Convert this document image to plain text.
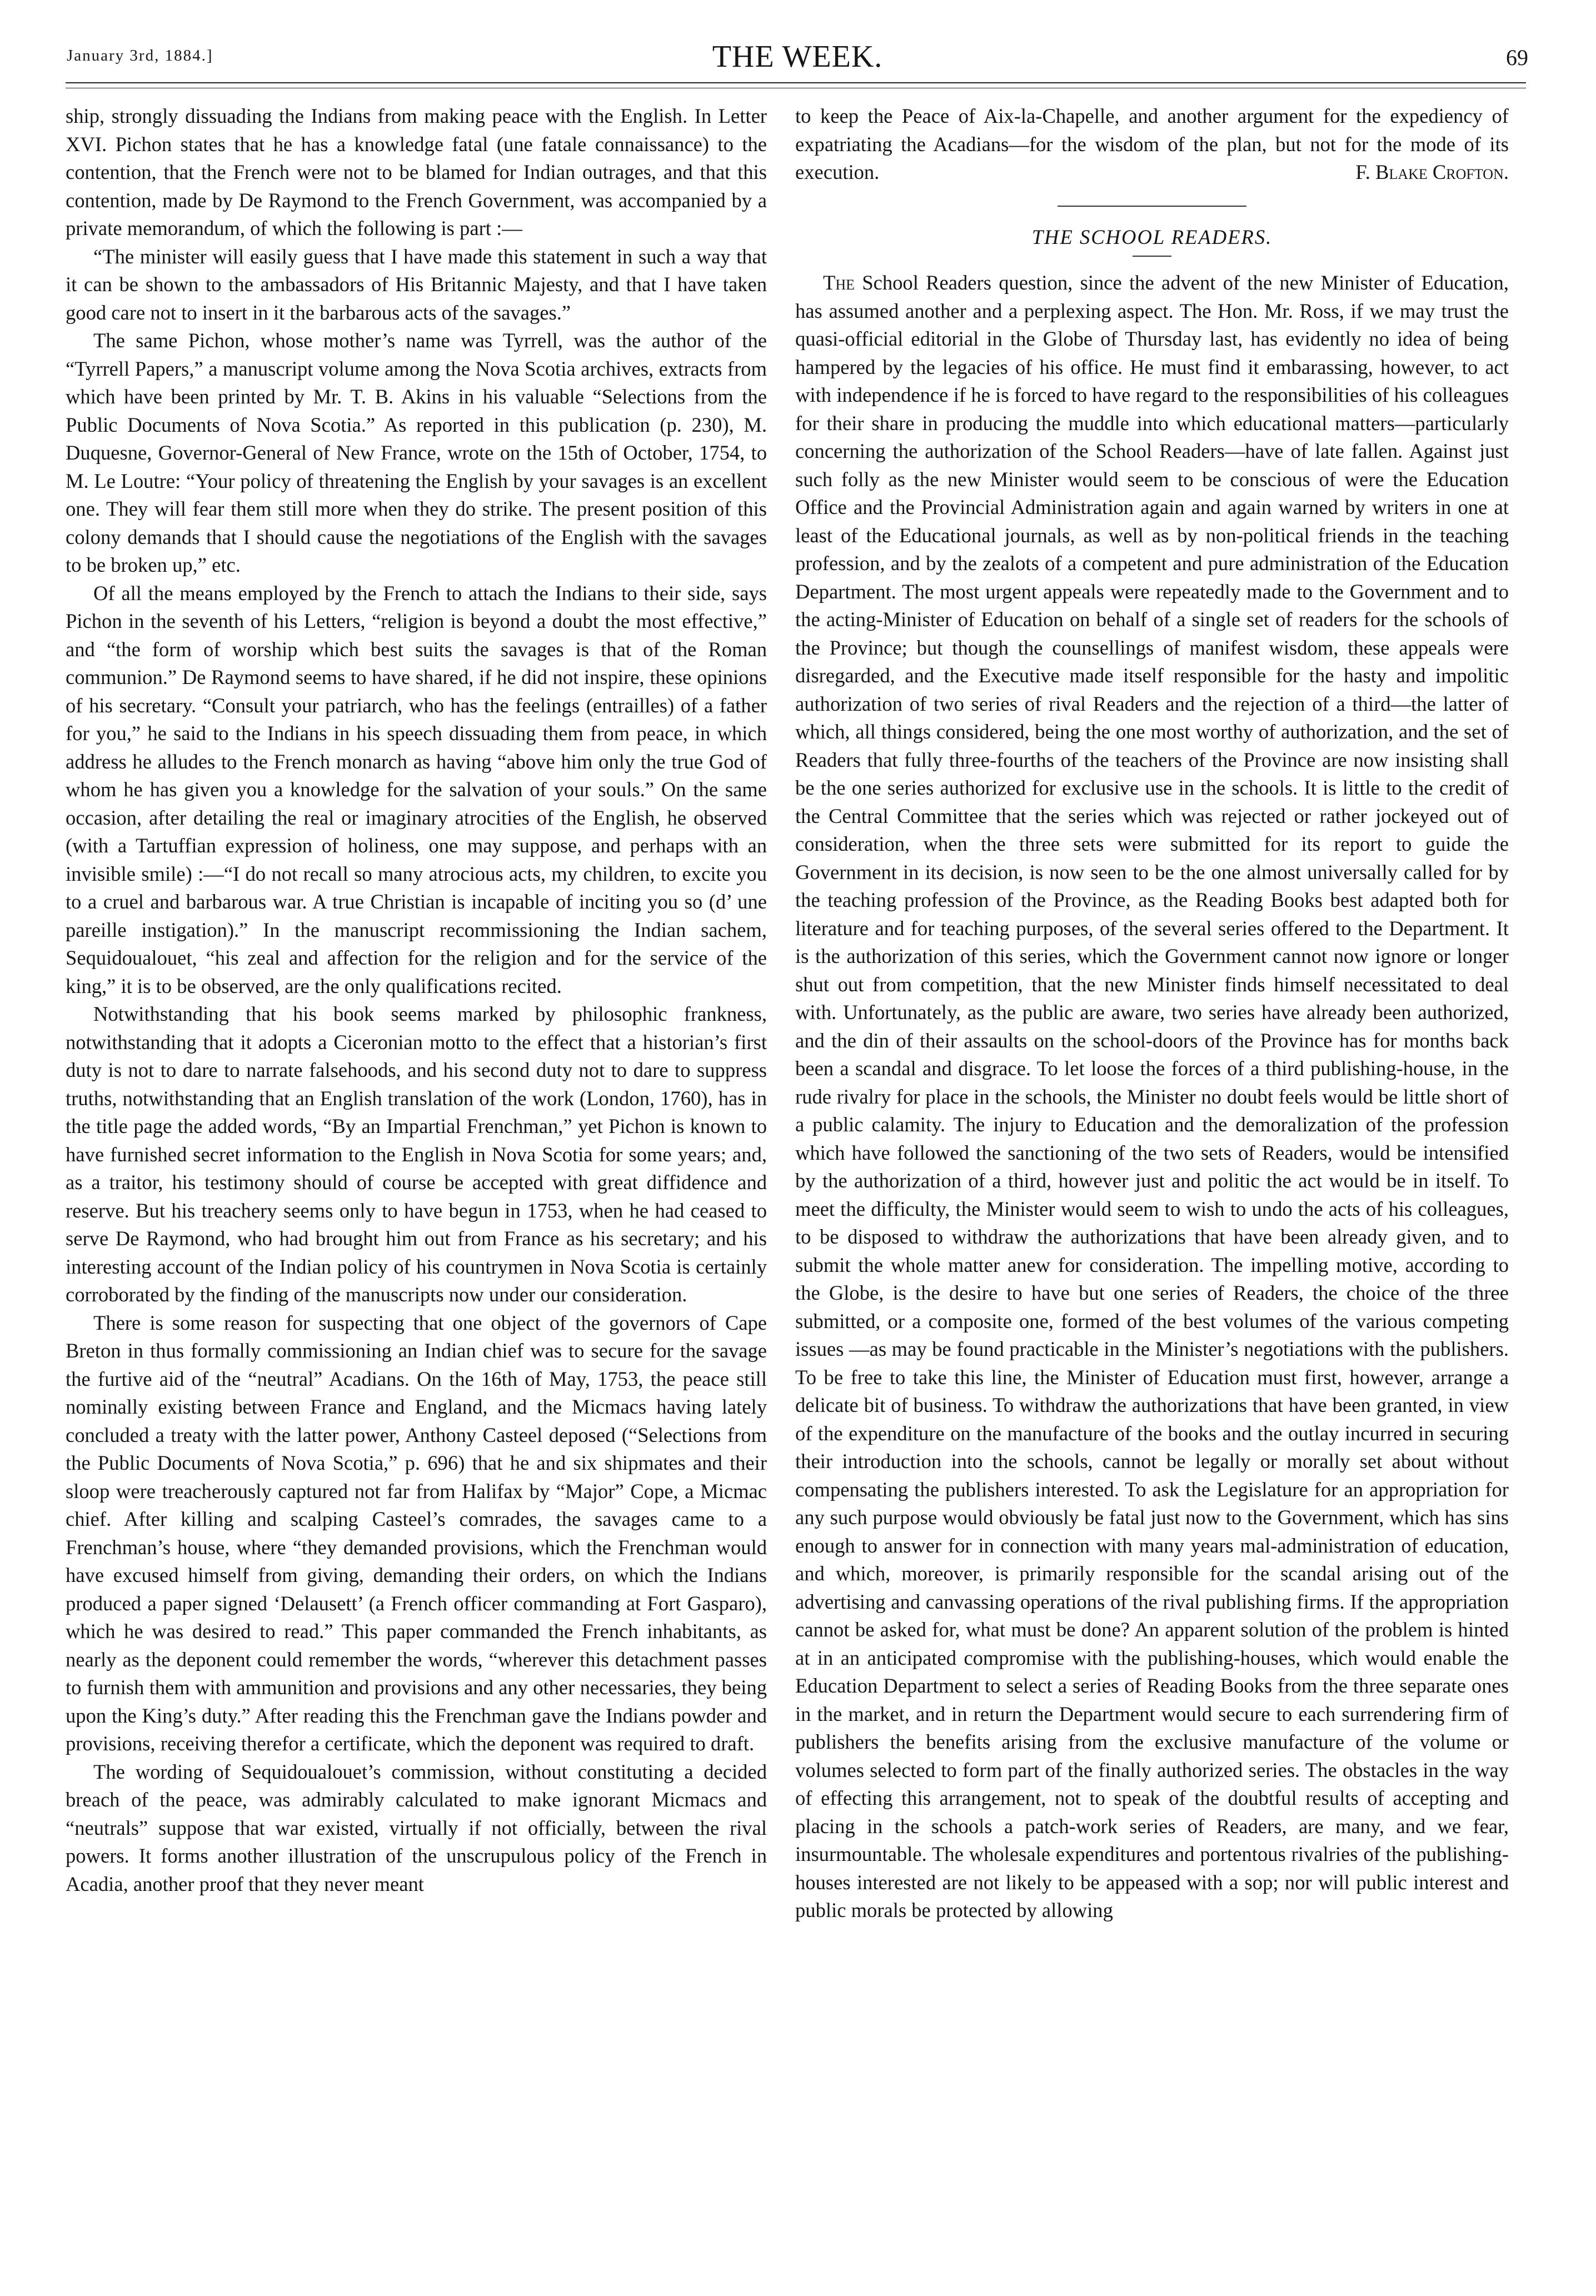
January 3rd, 1884.]	THE WEEK.	69

ship, strongly dissuading the Indians from making peace with the English. In Letter XVI. Pichon states that he has a knowledge fatal (une fatale connaissance) to the contention, that the French were not to be blamed for Indian outrages, and that this contention, made by De Raymond to the French Government, was accompanied by a private memorandum, of which the following is part :—

“The minister will easily guess that I have made this statement in such a way that it can be shown to the ambassadors of His Britannic Majesty, and that I have taken good care not to insert in it the barbarous acts of the savages.”

The same Pichon, whose mother’s name was Tyrrell, was the author of the “Tyrrell Papers,” a manuscript volume among the Nova Scotia archives, extracts from which have been printed by Mr. T. B. Akins in his valuable “Selections from the Public Documents of Nova Scotia.” As reported in this publication (p. 230), M. Duquesne, Governor-General of New France, wrote on the 15th of October, 1754, to M. Le Loutre: “Your policy of threatening the English by your savages is an excellent one. They will fear them still more when they do strike. The present position of this colony demands that I should cause the negotiations of the English with the savages to be broken up,” etc.

Of all the means employed by the French to attach the Indians to their side, says Pichon in the seventh of his Letters, “religion is beyond a doubt the most effective,” and “the form of worship which best suits the savages is that of the Roman communion.” De Raymond seems to have shared, if he did not inspire, these opinions of his secretary. “Consult your patriarch, who has the feelings (entrailles) of a father for you,” he said to the Indians in his speech dissuading them from peace, in which address he alludes to the French monarch as having “above him only the true God of whom he has given you a knowledge for the salvation of your souls.” On the same occasion, after detailing the real or imaginary atrocities of the English, he observed (with a Tartuffian expression of holiness, one may suppose, and perhaps with an invisible smile) :—“I do not recall so many atrocious acts, my children, to excite you to a cruel and barbarous war. A true Christian is incapable of inciting you so (d’ une pareille instigation).” In the manuscript recommissioning the Indian sachem, Sequidoualouet, “his zeal and affection for the religion and for the service of the king,” it is to be observed, are the only qualifications recited.

Notwithstanding that his book seems marked by philosophic frankness, notwithstanding that it adopts a Ciceronian motto to the effect that a historian’s first duty is not to dare to narrate falsehoods, and his second duty not to dare to suppress truths, notwithstanding that an English translation of the work (London, 1760), has in the title page the added words, “By an Impartial Frenchman,” yet Pichon is known to have furnished secret information to the English in Nova Scotia for some years; and, as a traitor, his testimony should of course be accepted with great diffidence and reserve. But his treachery seems only to have begun in 1753, when he had ceased to serve De Raymond, who had brought him out from France as his secretary; and his interesting account of the Indian policy of his countrymen in Nova Scotia is certainly corroborated by the finding of the manuscripts now under our consideration.

There is some reason for suspecting that one object of the governors of Cape Breton in thus formally commissioning an Indian chief was to secure for the savage the furtive aid of the “neutral” Acadians. On the 16th of May, 1753, the peace still nominally existing between France and England, and the Micmacs having lately concluded a treaty with the latter power, Anthony Casteel deposed (“Selections from the Public Documents of Nova Scotia,” p. 696) that he and six shipmates and their sloop were treacherously captured not far from Halifax by “Major” Cope, a Micmac chief. After killing and scalping Casteel’s comrades, the savages came to a Frenchman’s house, where “they demanded provisions, which the Frenchman would have excused himself from giving, demanding their orders, on which the Indians produced a paper signed ‘Delausett’ (a French officer commanding at Fort Gasparo), which he was desired to read.” This paper commanded the French inhabitants, as nearly as the deponent could remember the words, “wherever this detachment passes to furnish them with ammunition and provisions and any other necessaries, they being upon the King’s duty.” After reading this the Frenchman gave the Indians powder and provisions, receiving therefor a certificate, which the deponent was required to draft.

The wording of Sequidoualouet’s commission, without constituting a decided breach of the peace, was admirably calculated to make ignorant Micmacs and “neutrals” suppose that war existed, virtually if not officially, between the rival powers. It forms another illustration of the unscrupulous policy of the French in Acadia, another proof that they never meant

to keep the Peace of Aix-la-Chapelle, and another argument for the expediency of expatriating the Acadians—for the wisdom of the plan, but not for the mode of its execution.	F. Blake Crofton.

THE SCHOOL READERS.

The School Readers question, since the advent of the new Minister of Education, has assumed another and a perplexing aspect. The Hon. Mr. Ross, if we may trust the quasi-official editorial in the Globe of Thursday last, has evidently no idea of being hampered by the legacies of his office. He must find it embarassing, however, to act with independence if he is forced to have regard to the responsibilities of his colleagues for their share in producing the muddle into which educational matters—particularly concerning the authorization of the School Readers—have of late fallen. Against just such folly as the new Minister would seem to be conscious of were the Education Office and the Provincial Administration again and again warned by writers in one at least of the Educational journals, as well as by non-political friends in the teaching profession, and by the zealots of a competent and pure administration of the Education Department. The most urgent appeals were repeatedly made to the Government and to the acting-Minister of Education on behalf of a single set of readers for the schools of the Province; but though the counsellings of manifest wisdom, these appeals were disregarded, and the Executive made itself responsible for the hasty and impolitic authorization of two series of rival Readers and the rejection of a third—the latter of which, all things considered, being the one most worthy of authorization, and the set of Readers that fully three-fourths of the teachers of the Province are now insisting shall be the one series authorized for exclusive use in the schools. It is little to the credit of the Central Committee that the series which was rejected or rather jockeyed out of consideration, when the three sets were submitted for its report to guide the Government in its decision, is now seen to be the one almost universally called for by the teaching profession of the Province, as the Reading Books best adapted both for literature and for teaching purposes, of the several series offered to the Department. It is the authorization of this series, which the Government cannot now ignore or longer shut out from competition, that the new Minister finds himself necessitated to deal with. Unfortunately, as the public are aware, two series have already been authorized, and the din of their assaults on the school-doors of the Province has for months back been a scandal and disgrace. To let loose the forces of a third publishing-house, in the rude rivalry for place in the schools, the Minister no doubt feels would be little short of a public calamity. The injury to Education and the demoralization of the profession which have followed the sanctioning of the two sets of Readers, would be intensified by the authorization of a third, however just and politic the act would be in itself. To meet the difficulty, the Minister would seem to wish to undo the acts of his colleagues, to be disposed to withdraw the authorizations that have been already given, and to submit the whole matter anew for consideration. The impelling motive, according to the Globe, is the desire to have but one series of Readers, the choice of the three submitted, or a composite one, formed of the best volumes of the various competing issues —as may be found practicable in the Minister’s negotiations with the publishers. To be free to take this line, the Minister of Education must first, however, arrange a delicate bit of business. To withdraw the authorizations that have been granted, in view of the expenditure on the manufacture of the books and the outlay incurred in securing their introduction into the schools, cannot be legally or morally set about without compensating the publishers interested. To ask the Legislature for an appropriation for any such purpose would obviously be fatal just now to the Government, which has sins enough to answer for in connection with many years mal-administration of education, and which, moreover, is primarily responsible for the scandal arising out of the advertising and canvassing operations of the rival publishing firms. If the appropriation cannot be asked for, what must be done? An apparent solution of the problem is hinted at in an anticipated compromise with the publishing-houses, which would enable the Education Department to select a series of Reading Books from the three separate ones in the market, and in return the Department would secure to each surrendering firm of publishers the benefits arising from the exclusive manufacture of the volume or volumes selected to form part of the finally authorized series. The obstacles in the way of effecting this arrangement, not to speak of the doubtful results of accepting and placing in the schools a patch-work series of Readers, are many, and we fear, insurmountable. The wholesale expenditures and portentous rivalries of the publishing-houses interested are not likely to be appeased with a sop; nor will public interest and public morals be protected by allowing
